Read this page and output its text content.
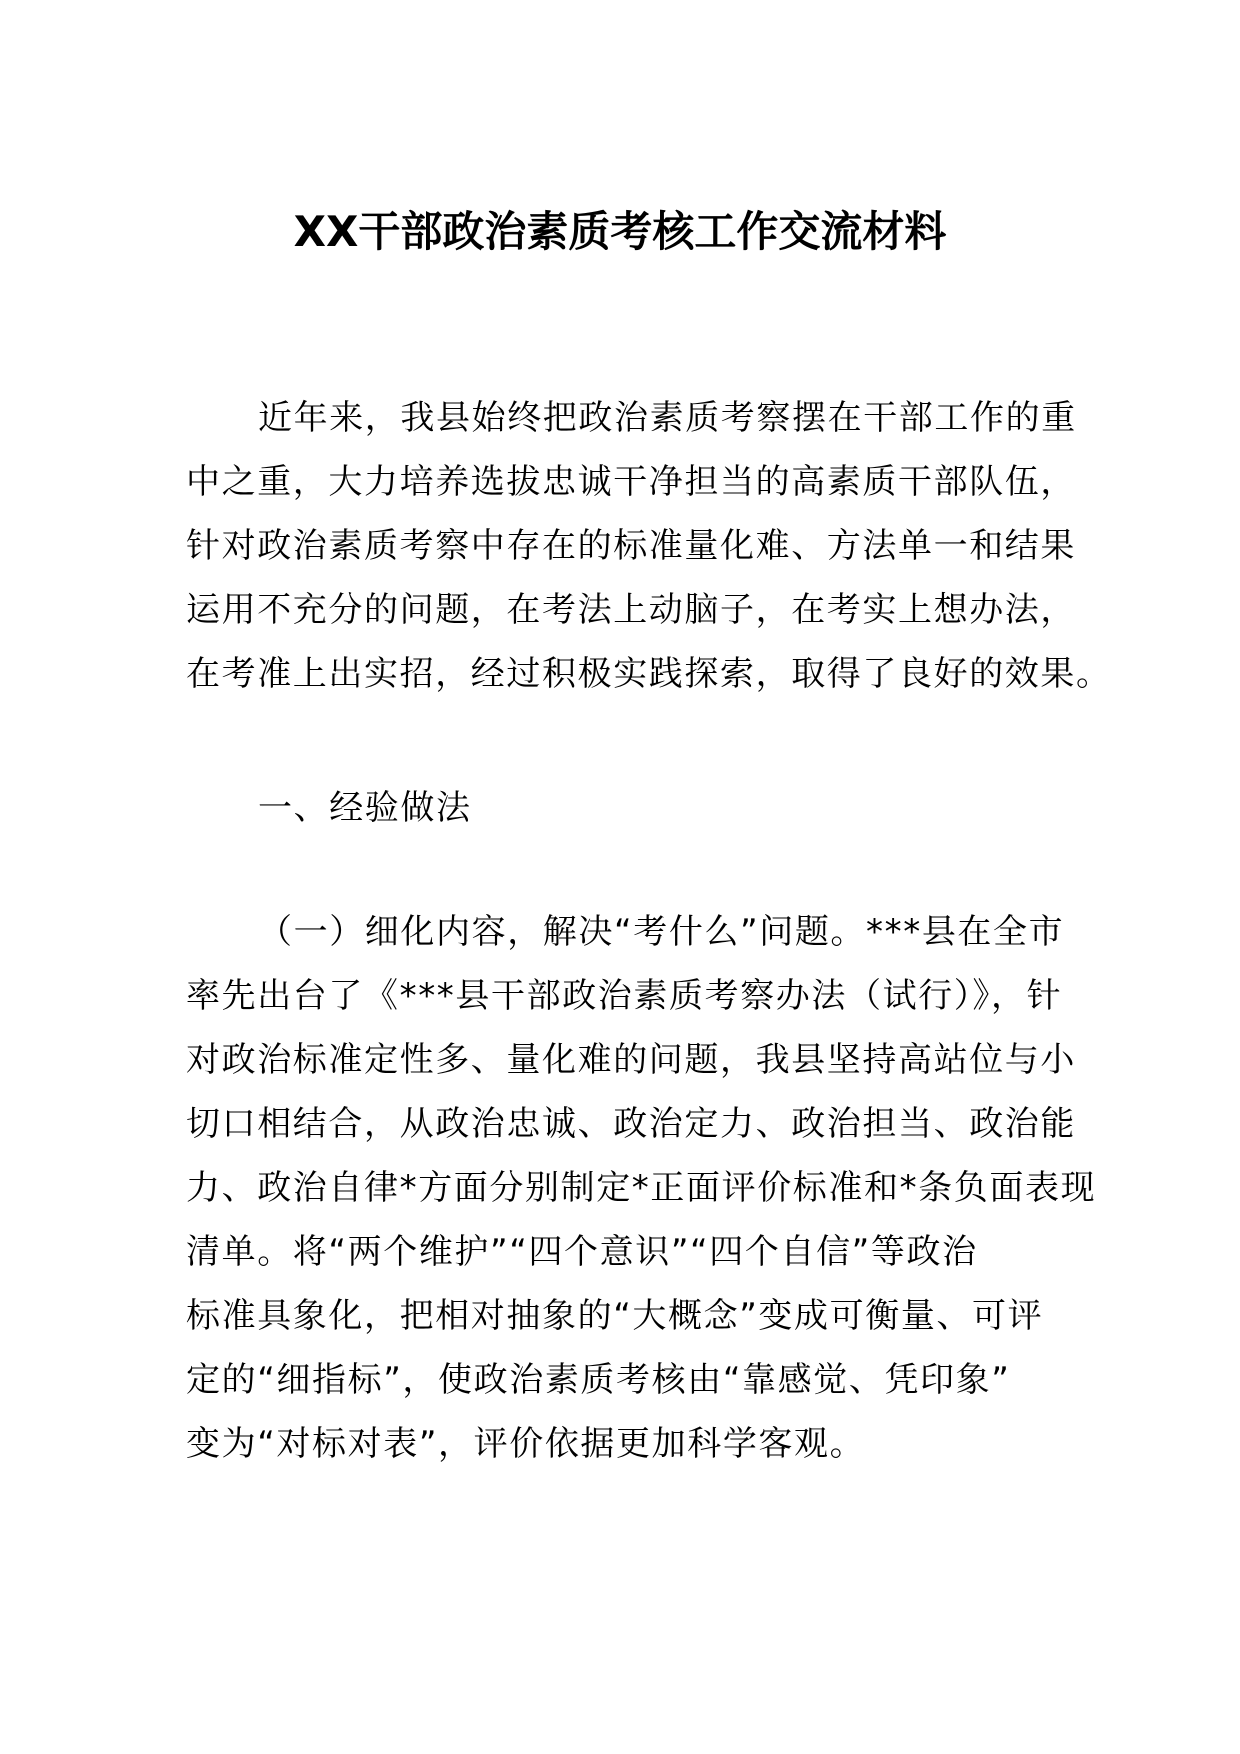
XX干部政治素质考核工作交流材料
近年来，我县始终把政治素质考察摆在干部工作的重
中之重，大力培养选拔忠诚干净担当的高素质干部队伍，
针对政治素质考察中存在的标准量化难、方法单一和结果
运用不充分的问题，在考法上动脑子，在考实上想办法，
在考准上出实招，经过积极实践探索，取得了良好的效果。
一、经验做法
（一）细化内容，解决“考什么”问题。***县在全市
率先出台了《***县干部政治素质考察办法（试行）》，针
对政治标准定性多、量化难的问题，我县坚持高站位与小
切口相结合，从政治忠诚、政治定力、政治担当、政治能
力、政治自律*方面分别制定*正面评价标准和*条负面表现
清单。将“两个维护”“四个意识”“四个自信”等政治
标准具象化，把相对抽象的“大概念”变成可衡量、可评
定的“细指标”，使政治素质考核由“靠感觉、凭印象”
变为“对标对表”，评价依据更加科学客观。
